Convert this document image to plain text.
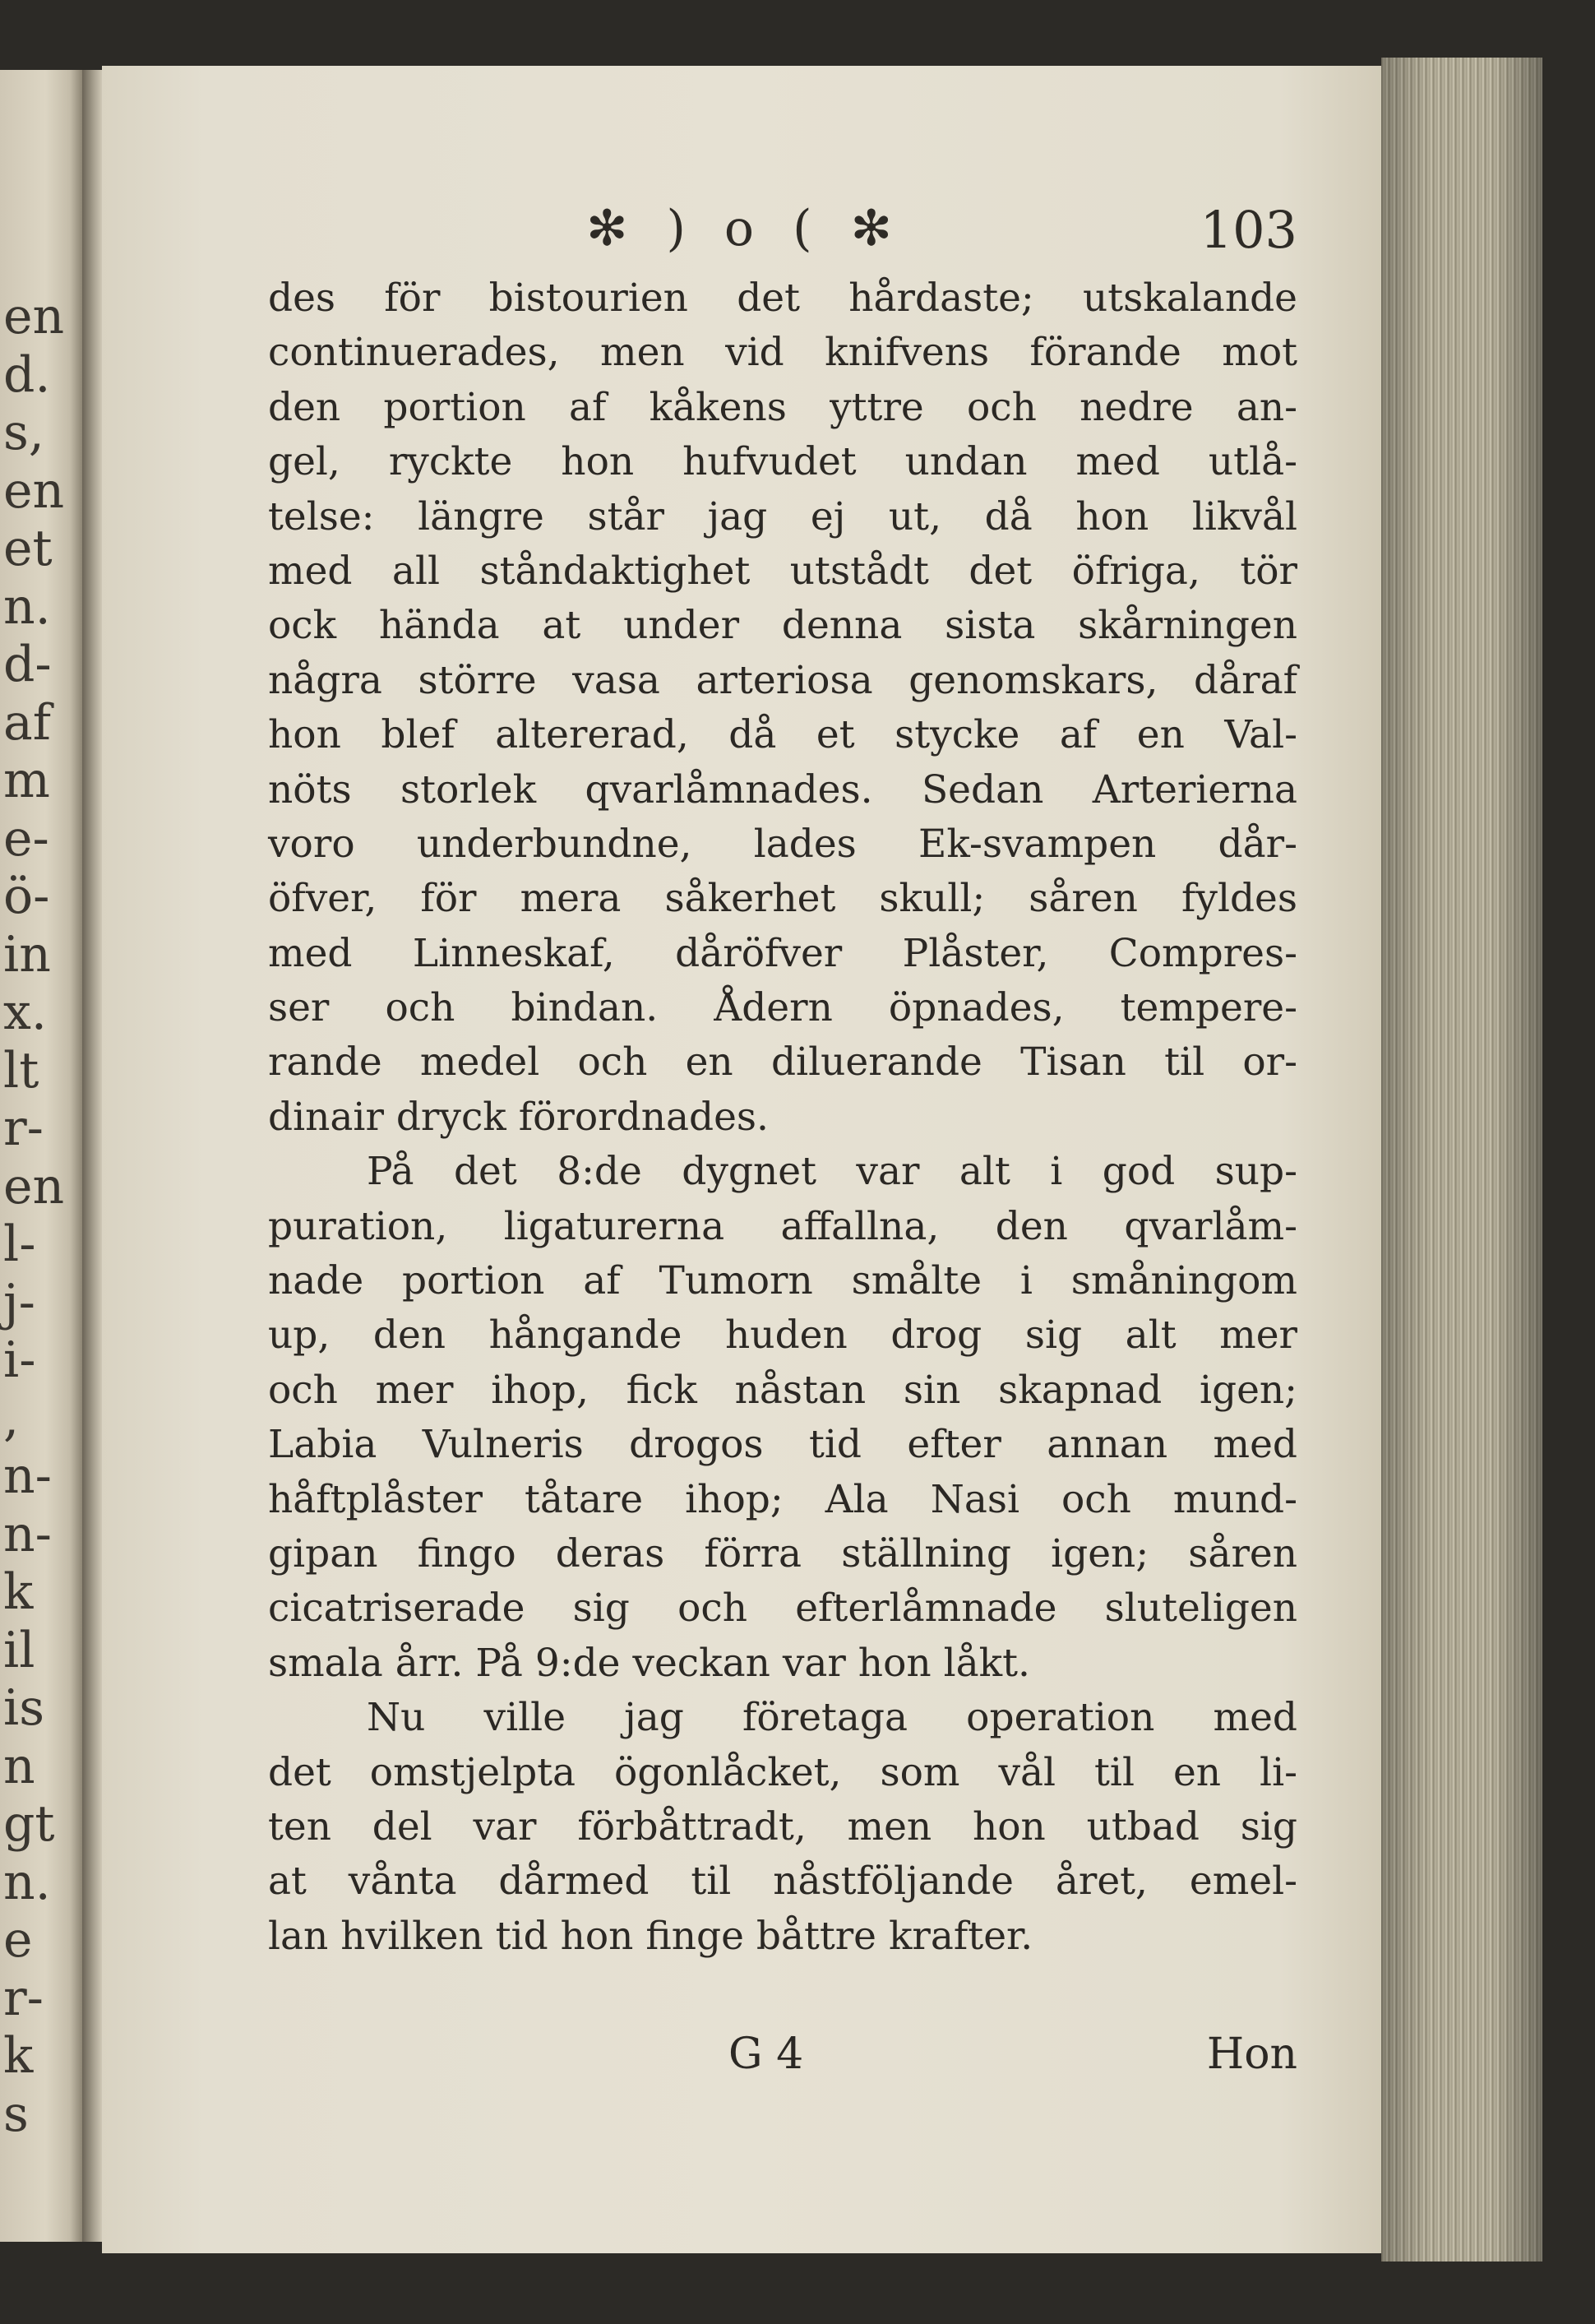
en
d.
s,
en
et
n.
d-
af
m
e-
ö-
in
x.
lt
r-
en
l-
j-
i-
,
n-
n-
k
il
is
n
gt
n.
e
r-
k
s
✻ ) o ( ✻	103
des för bistourien det hårdaste; utskalande
continuerades, men vid knifvens förande mot
den portion af kåkens yttre och nedre an-
gel, ryckte hon hufvudet undan med utlå-
telse: längre står jag ej ut, då hon likvål
med all ståndaktighet utstådt det öfriga, tör
ock hända at under denna sista skårningen
några större vasa arteriosa genomskars, dåraf
hon blef altererad, då et stycke af en Val-
nöts storlek qvarlåmnades. Sedan Arterierna
voro underbundne, lades Ek-svampen dår-
öfver, för mera såkerhet skull; såren fyldes
med Linneskaf, dåröfver Plåster, Compres-
ser och bindan. Ådern öpnades, tempere-
rande medel och en diluerande Tisan til or-
dinair dryck förordnades.
På det 8:de dygnet var alt i god sup-
puration, ligaturerna affallna, den qvarlåm-
nade portion af Tumorn smålte i småningom
up, den hångande huden drog sig alt mer
och mer ihop, fick nåstan sin skapnad igen;
Labia Vulneris drogos tid efter annan med
håftplåster tåtare ihop; Ala Nasi och mund-
gipan fingo deras förra ställning igen; såren
cicatriserade sig och efterlåmnade sluteligen
smala årr. På 9:de veckan var hon låkt.
Nu ville jag företaga operation med
det omstjelpta ögonlåcket, som vål til en li-
ten del var förbåttradt, men hon utbad sig
at vånta dårmed til nåstföljande året, emel-
lan hvilken tid hon finge båttre krafter.
G 4	Hon
